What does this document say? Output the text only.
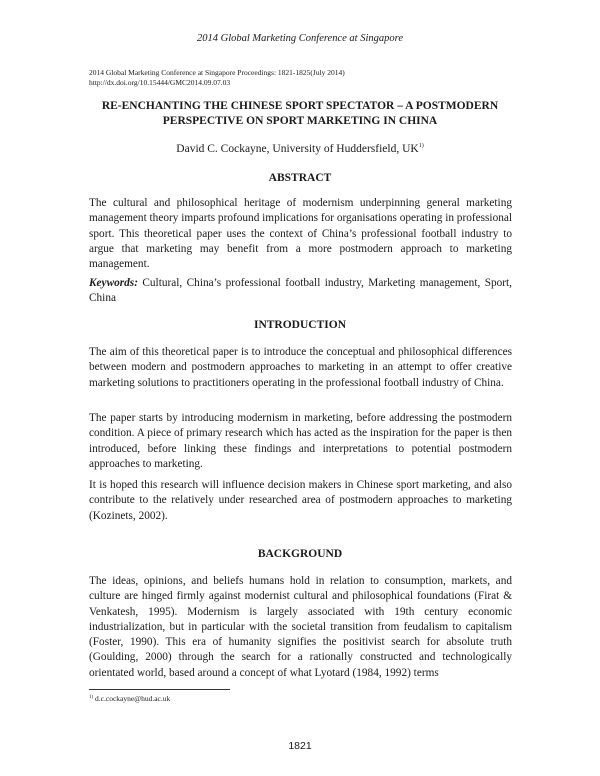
2014 Global Marketing Conference at Singapore
2014 Global Marketing Conference at Singapore Proceedings: 1821-1825(July 2014)
http://dx.doi.org/10.15444/GMC2014.09.07.03
RE-ENCHANTING THE CHINESE SPORT SPECTATOR – A POSTMODERN
PERSPECTIVE ON SPORT MARKETING IN CHINA
David C. Cockayne, University of Huddersfield, UK$^{1)}$
ABSTRACT
The cultural and philosophical heritage of modernism underpinning general marketing management theory imparts profound implications for organisations operating in professional sport. This theoretical paper uses the context of China’s professional football industry to argue that marketing may benefit from a more postmodern approach to marketing management.
Keywords: Cultural, China’s professional football industry, Marketing management, Sport, China
INTRODUCTION
The aim of this theoretical paper is to introduce the conceptual and philosophical differences between modern and postmodern approaches to marketing in an attempt to offer creative marketing solutions to practitioners operating in the professional football industry of China.
The paper starts by introducing modernism in marketing, before addressing the postmodern condition. A piece of primary research which has acted as the inspiration for the paper is then introduced, before linking these findings and interpretations to potential postmodern approaches to marketing.
It is hoped this research will influence decision makers in Chinese sport marketing, and also contribute to the relatively under researched area of postmodern approaches to marketing (Kozinets, 2002).
BACKGROUND
The ideas, opinions, and beliefs humans hold in relation to consumption, markets, and culture are hinged firmly against modernist cultural and philosophical foundations (Firat & Venkatesh, 1995). Modernism is largely associated with 19th century economic industrialization, but in particular with the societal transition from feudalism to capitalism (Foster, 1990). This era of humanity signifies the positivist search for absolute truth (Goulding, 2000) through the search for a rationally constructed and technologically orientated world, based around a concept of what Lyotard (1984, 1992) terms
$^{1)}$ d.c.cockayne@hud.ac.uk
1821
